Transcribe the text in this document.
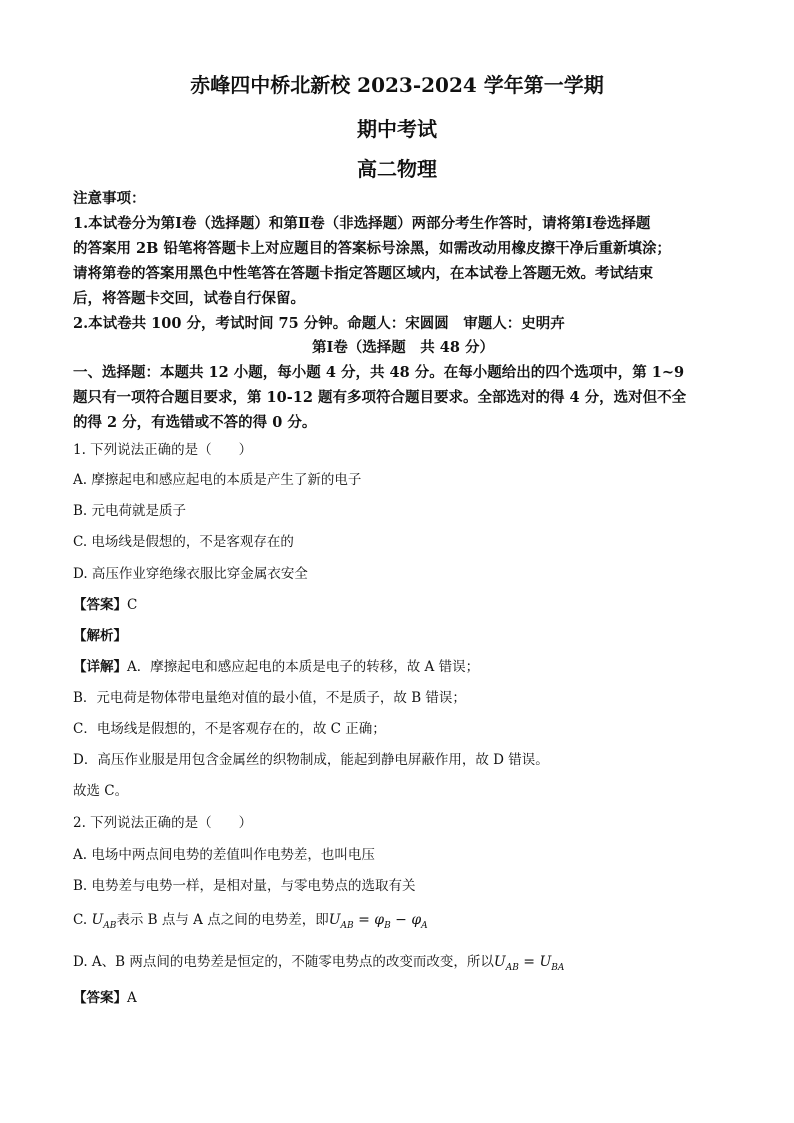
赤峰四中桥北新校 2023-2024 学年第一学期
期中考试
高二物理

注意事项：

1.本试卷分为第Ⅰ卷（选择题）和第Ⅱ卷（非选择题）两部分考生作答时，请将第Ⅰ卷选择题

的答案用 2B 铅笔将答题卡上对应题目的答案标号涂黑，如需改动用橡皮擦干净后重新填涂；

请将第卷的答案用黑色中性笔答在答题卡指定答题区域内，在本试卷上答题无效。考试结束

后，将答题卡交回，试卷自行保留。

2.本试卷共 100 分，考试时间 75 分钟。命题人：宋圆圆　审题人：史明卉

第Ⅰ卷（选择题　共 48 分）

一、选择题：本题共 12 小题，每小题 4 分，共 48 分。在每小题给出的四个选项中，第 1~9

题只有一项符合题目要求，第 10-12 题有多项符合题目要求。全部选对的得 4 分，选对但不全

的得 2 分，有选错或不答的得 0 分。

1. 下列说法正确的是（　　）
A. 摩擦起电和感应起电的本质是产生了新的电子
B. 元电荷就是质子
C. 电场线是假想的，不是客观存在的
D. 高压作业穿绝缘衣服比穿金属衣安全
【答案】C
【解析】
【详解】A．摩擦起电和感应起电的本质是电子的转移，故 A 错误；
B．元电荷是物体带电量绝对值的最小值，不是质子，故 B 错误；
C．电场线是假想的，不是客观存在的，故 C 正确；
D．高压作业服是用包含金属丝的织物制成，能起到静电屏蔽作用，故 D 错误。
故选 C。
2. 下列说法正确的是（　　）
A. 电场中两点间电势的差值叫作电势差，也叫电压
B. 电势差与电势一样，是相对量，与零电势点的选取有关
C. $U_{AB}$表示 B 点与 A 点之间的电势差，即$U_{AB} = \varphi_B - \varphi_A$
D. A、B 两点间的电势差是恒定的，不随零电势点的改变而改变，所以$U_{AB} = U_{BA}$
【答案】A
